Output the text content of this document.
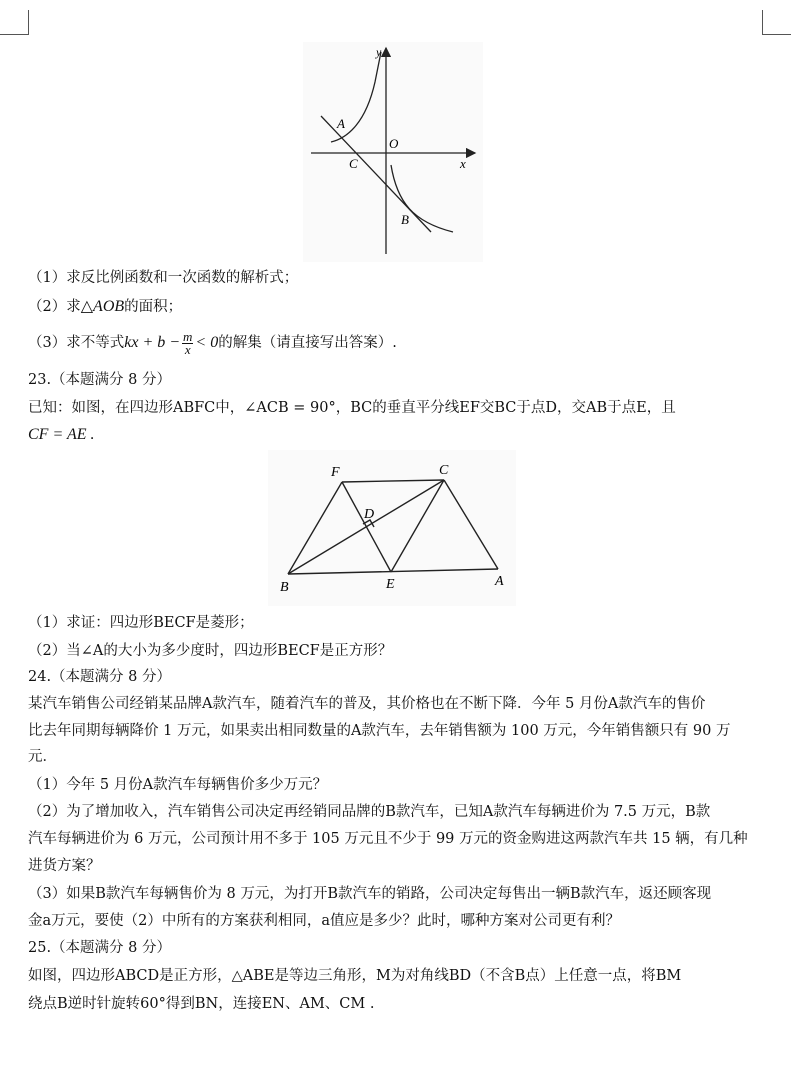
y
x
A
O
C
B
（1）求反比例函数和一次函数的解析式；
（2）求△AOB的面积；
（3）求不等式kx + $b - \frac{m}{x} < 0$的解集（请直接写出答案）.
23.（本题满分 8 分）
已知：如图，在四边形ABFC中，∠ACB = 90°，BC的垂直平分线EF交BC于点D，交AB于点E，且
CF = AE .
F	C
D
B	E	A
（1）求证：四边形BECF是菱形；
（2）当∠A的大小为多少度时，四边形BECF是正方形？
24.（本题满分 8 分）
某汽车销售公司经销某品牌A款汽车，随着汽车的普及，其价格也在不断下降．今年 5 月份A款汽车的售价
比去年同期每辆降价 1 万元，如果卖出相同数量的A款汽车，去年销售额为 100 万元，今年销售额只有 90 万
元．
（1）今年 5 月份A款汽车每辆售价多少万元？
（2）为了增加收入，汽车销售公司决定再经销同品牌的B款汽车，已知A款汽车每辆进价为 7.5 万元，B款
汽车每辆进价为 6 万元，公司预计用不多于 105 万元且不少于 99 万元的资金购进这两款汽车共 15 辆，有几种
进货方案？
（3）如果B款汽车每辆售价为 8 万元，为打开B款汽车的销路，公司决定每售出一辆B款汽车，返还顾客现
金a万元，要使（2）中所有的方案获利相同，a值应是多少？此时，哪种方案对公司更有利？
25.（本题满分 8 分）
如图，四边形ABCD是正方形，△ABE是等边三角形，M为对角线BD（不含B点）上任意一点，将BM
绕点B逆时针旋转60°得到BN，连接EN、AM、CM .
